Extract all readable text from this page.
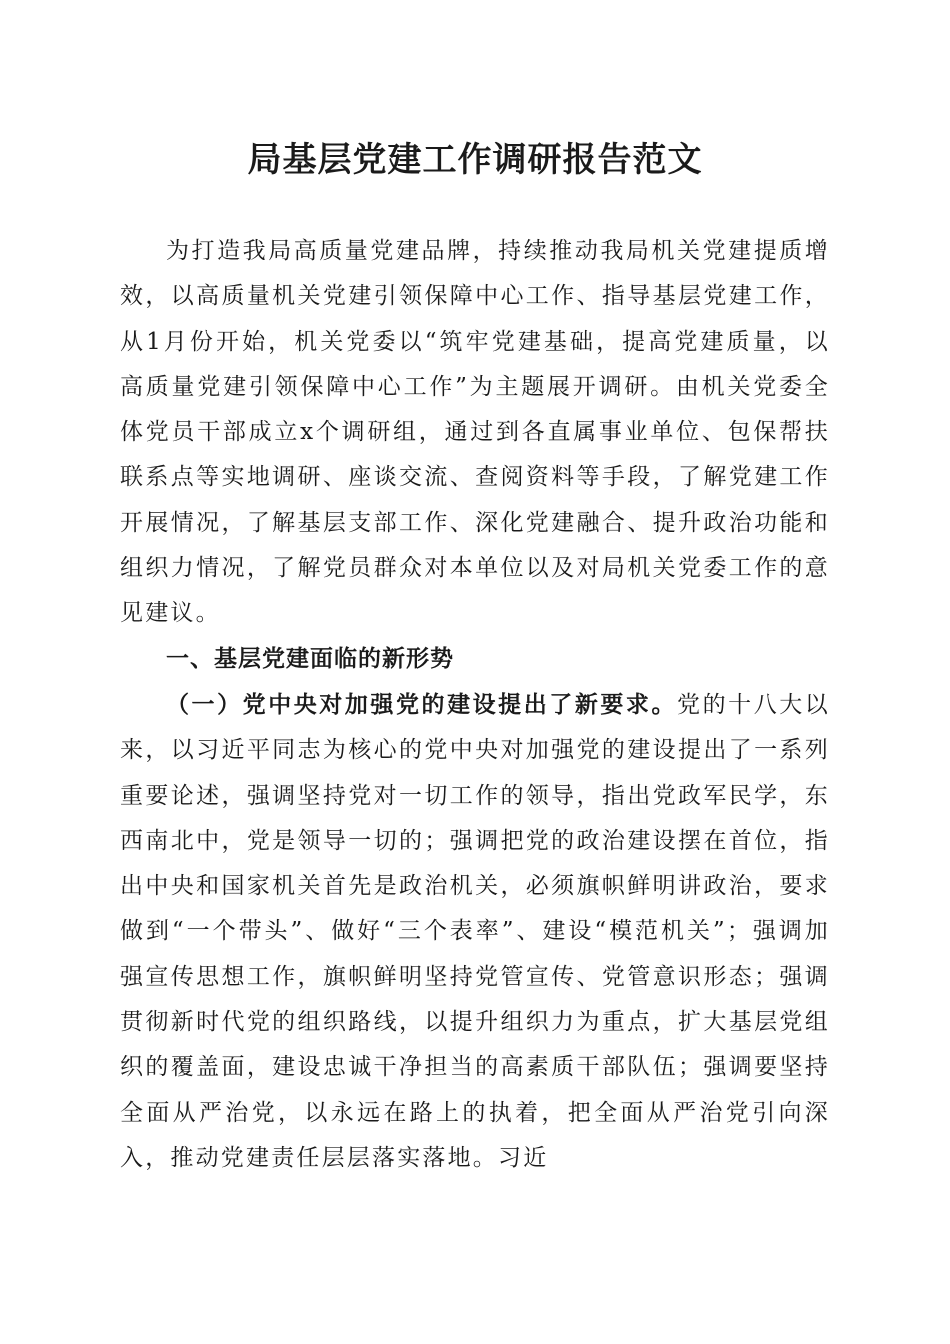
局基层党建工作调研报告范文

为打造我局高质量党建品牌，持续推动我局机关党建提质增效，以高质量机关党建引领保障中心工作、指导基层党建工作，从1月份开始，机关党委以“筑牢党建基础，提高党建质量，以高质量党建引领保障中心工作”为主题展开调研。由机关党委全体党员干部成立x个调研组，通过到各直属事业单位、包保帮扶联系点等实地调研、座谈交流、查阅资料等手段，了解党建工作开展情况，了解基层支部工作、深化党建融合、提升政治功能和组织力情况，了解党员群众对本单位以及对局机关党委工作的意见建议。

一、基层党建面临的新形势

（一）党中央对加强党的建设提出了新要求。党的十八大以来，以习近平同志为核心的党中央对加强党的建设提出了一系列重要论述，强调坚持党对一切工作的领导，指出党政军民学，东西南北中，党是领导一切的；强调把党的政治建设摆在首位，指出中央和国家机关首先是政治机关，必须旗帜鲜明讲政治，要求做到“一个带头”、做好“三个表率”、建设“模范机关”；强调加强宣传思想工作，旗帜鲜明坚持党管宣传、党管意识形态；强调贯彻新时代党的组织路线，以提升组织力为重点，扩大基层党组织的覆盖面，建设忠诚干净担当的高素质干部队伍；强调要坚持全面从严治党，以永远在路上的执着，把全面从严治党引向深入，推动党建责任层层落实落地。习近
